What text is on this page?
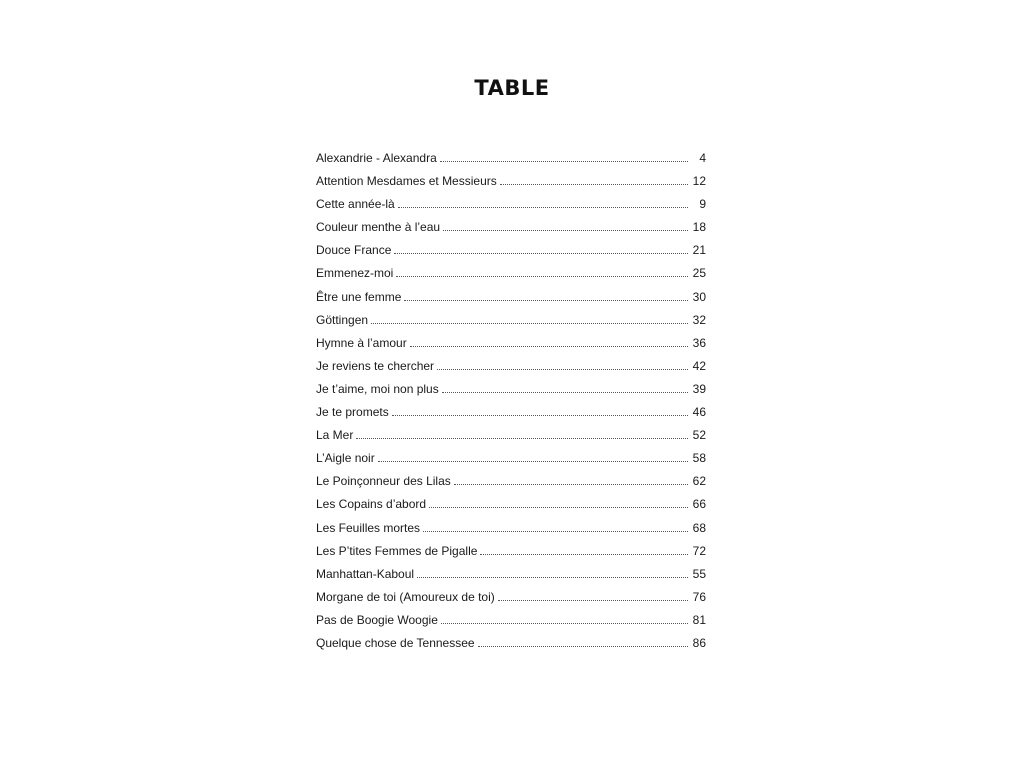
TABLE
Alexandrie - Alexandra	4
Attention Mesdames et Messieurs	12
Cette année-là	9
Couleur menthe à l’eau	18
Douce France	21
Emmenez-moi	25
Être une femme	30
Göttingen	32
Hymne à l’amour	36
Je reviens te chercher	42
Je t’aime, moi non plus	39
Je te promets	46
La Mer	52
L’Aigle noir	58
Le Poinçonneur des Lilas	62
Les Copains d’abord	66
Les Feuilles mortes	68
Les P’tites Femmes de Pigalle	72
Manhattan-Kaboul	55
Morgane de toi (Amoureux de toi)	76
Pas de Boogie Woogie	81
Quelque chose de Tennessee	86
